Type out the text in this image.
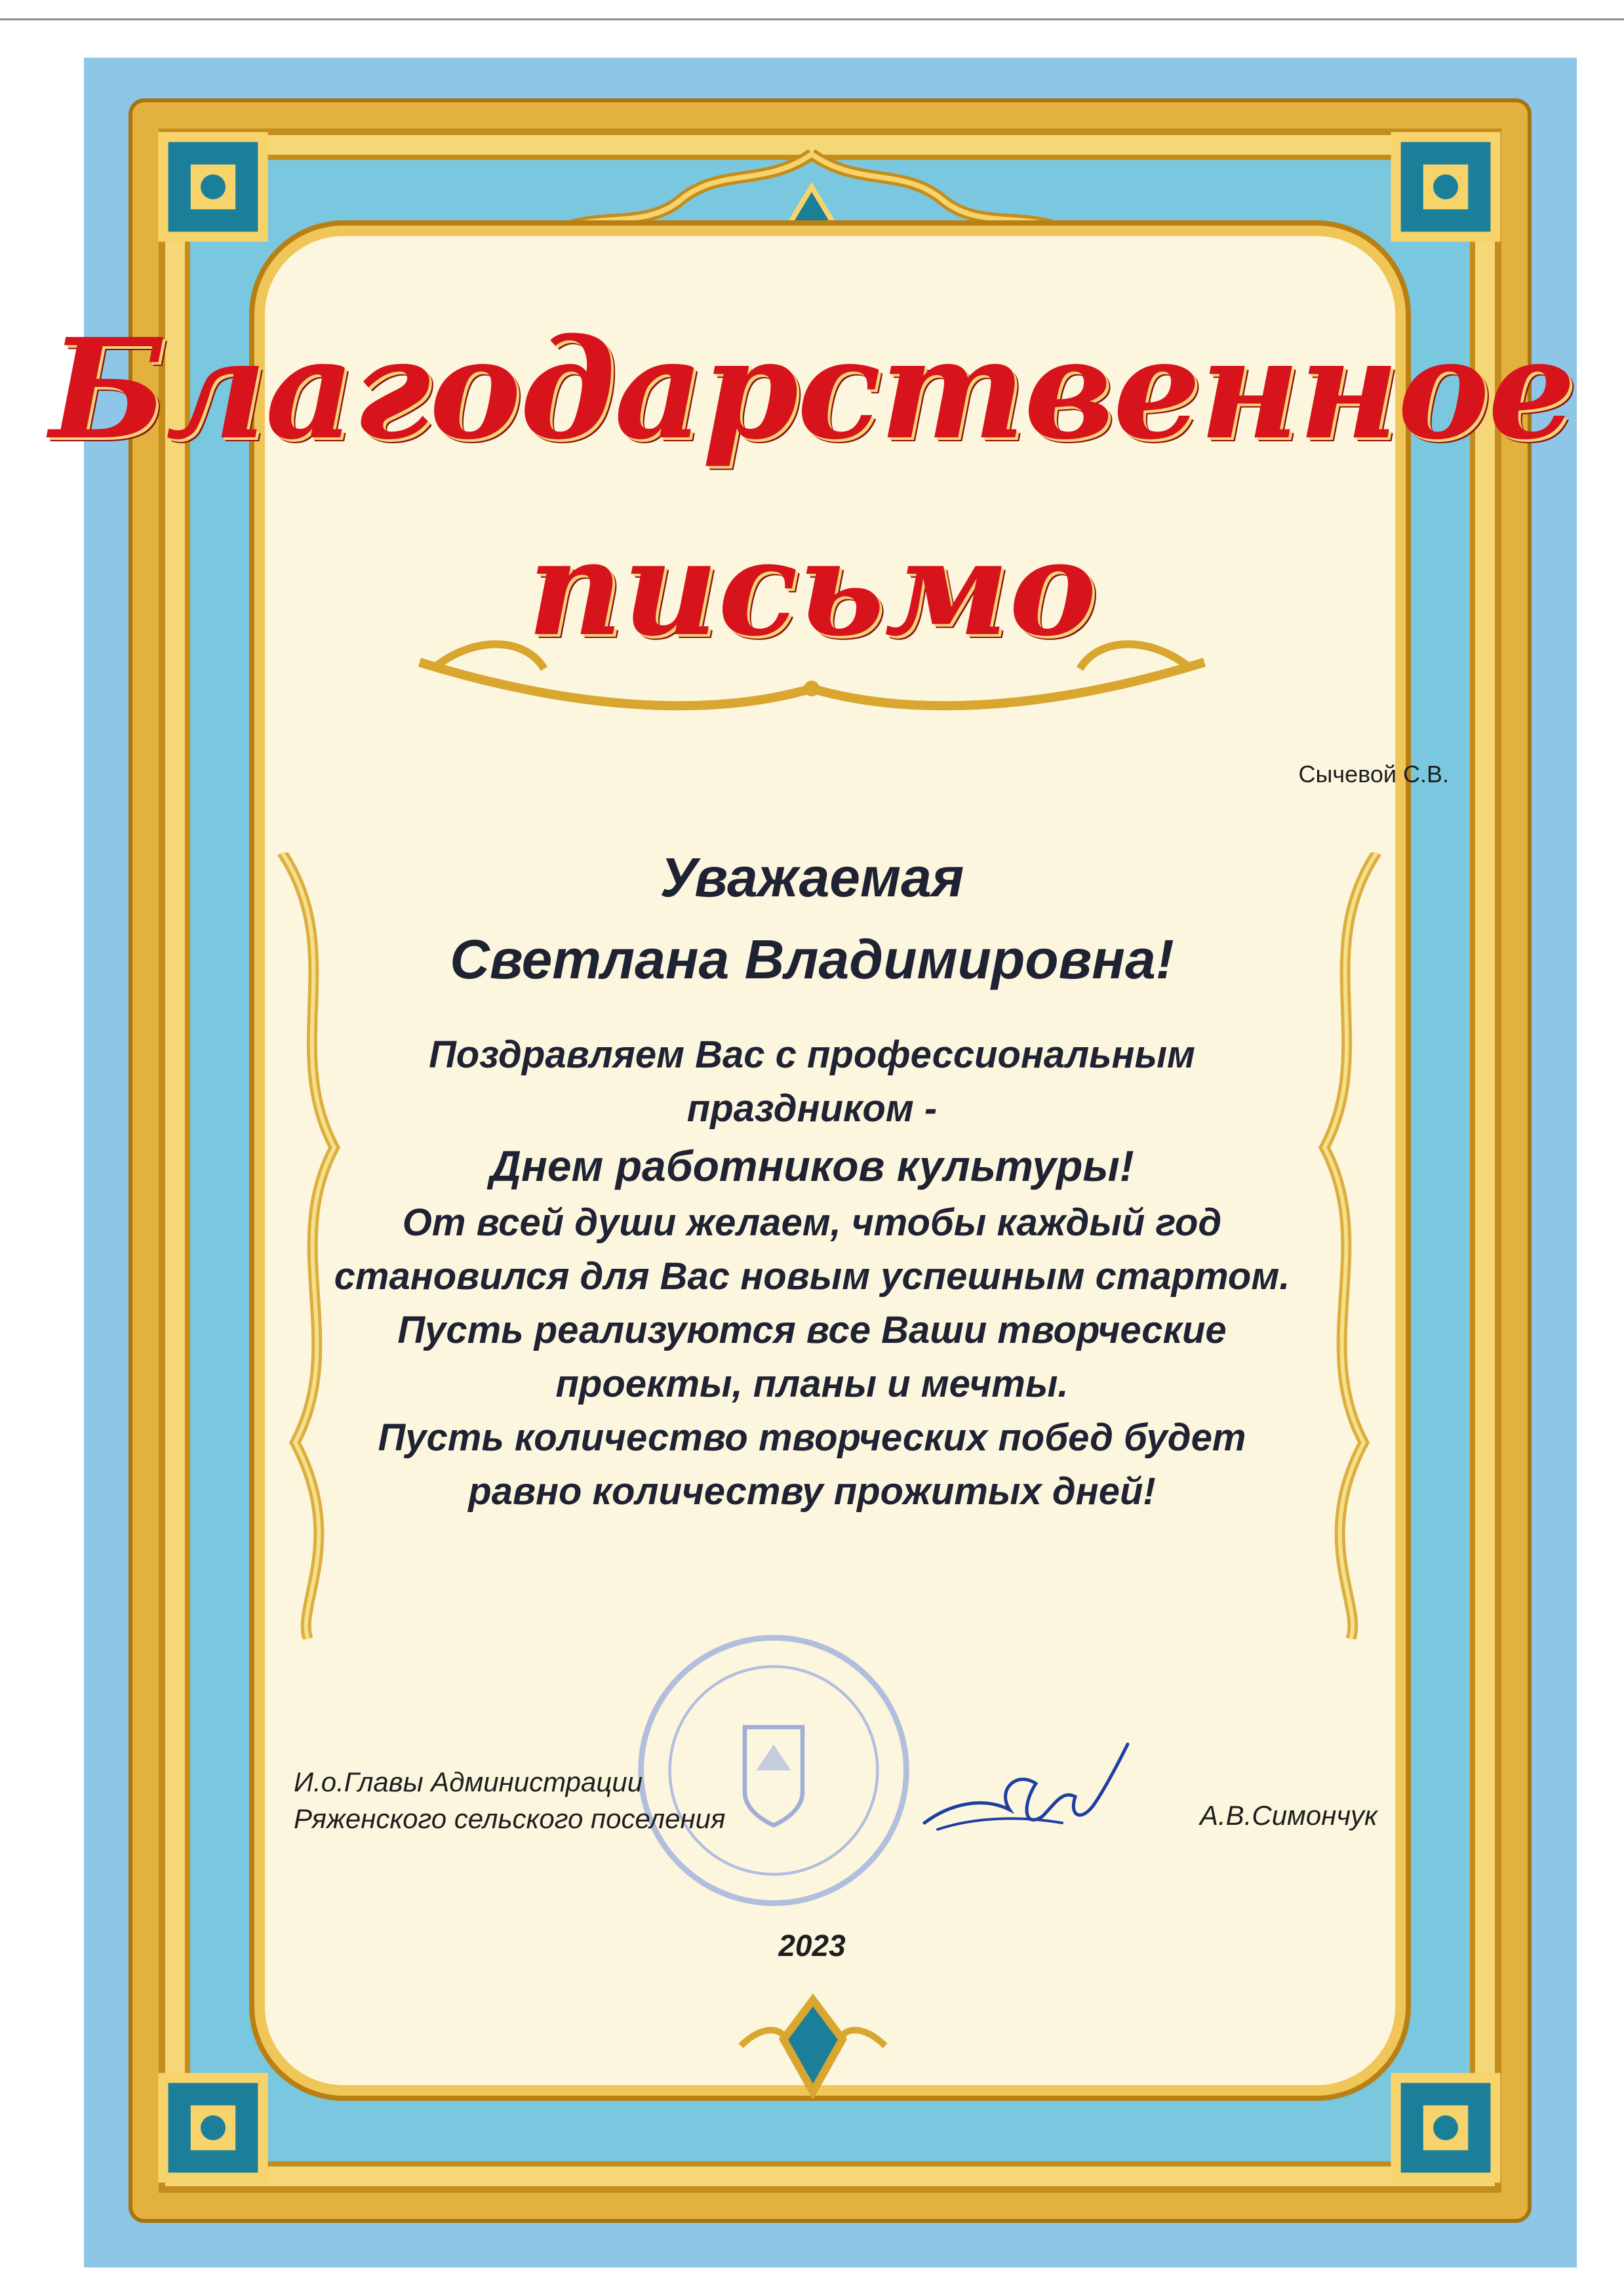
Благодарственное
письмо
Сычевой С.В.
Уважаемая
Светлана Владимировна!
Поздравляем Вас с профессиональным
праздником -
Днем работников культуры!
От всей души желаем, чтобы каждый год
становился для Вас новым успешным стартом.
Пусть реализуются все Ваши творческие
проекты, планы и мечты.
Пусть количество творческих побед будет
равно количеству прожитых дней!
И.о.Главы Администрации
Ряженского сельского поселения	А.В.Симончук
2023
